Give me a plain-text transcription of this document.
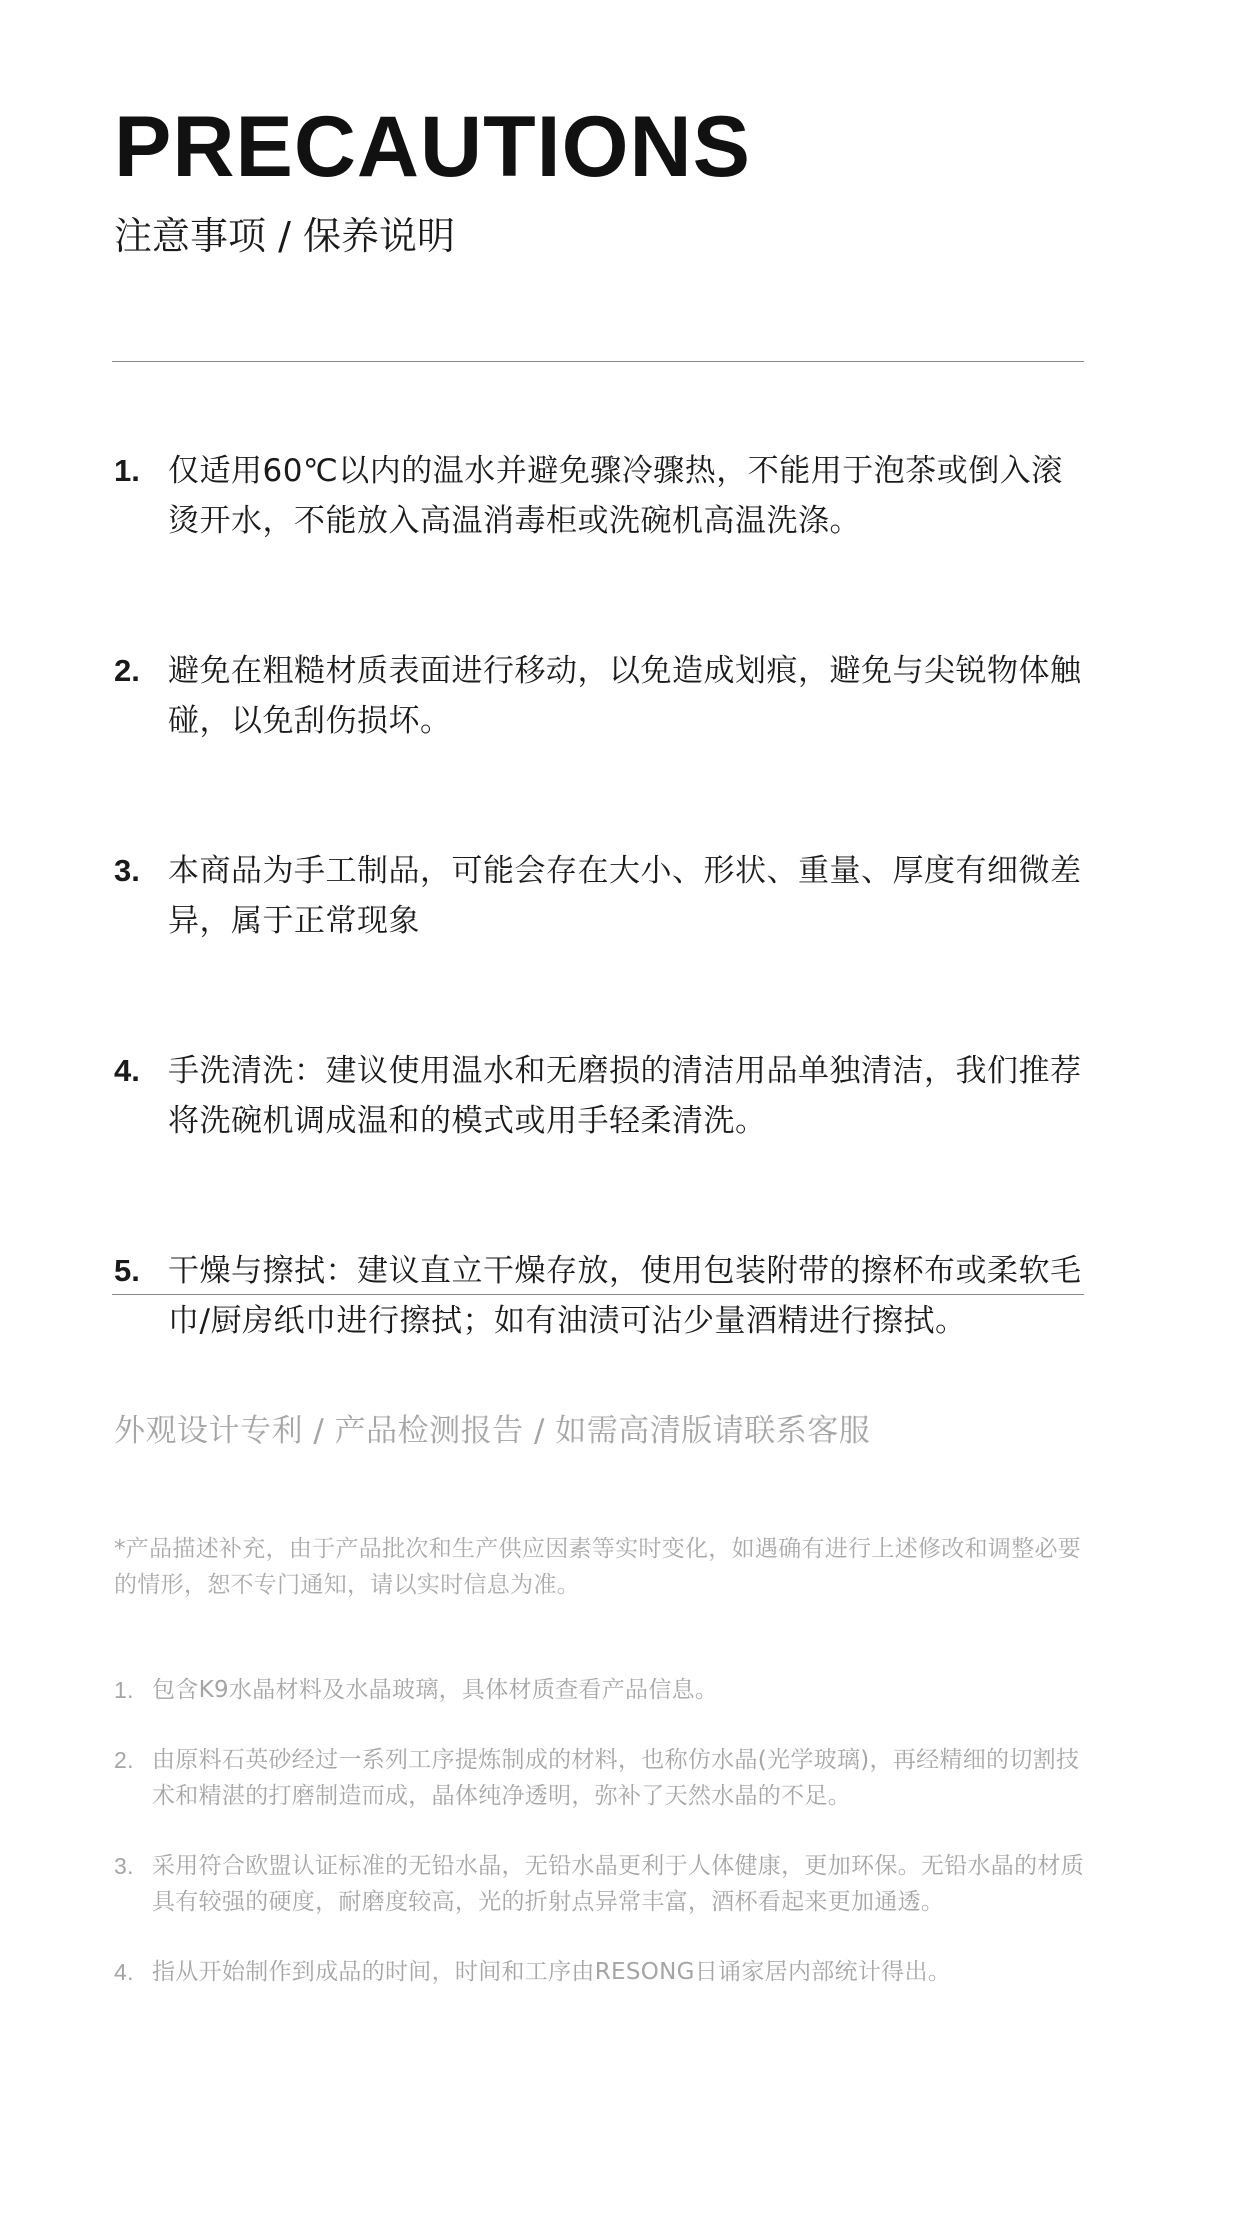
PRECAUTIONS
注意事项 / 保养说明
1. 仅适用60℃以内的温水并避免骤冷骤热，不能用于泡茶或倒入滚烫开水，不能放入高温消毒柜或洗碗机高温洗涤。
2. 避免在粗糙材质表面进行移动，以免造成划痕，避免与尖锐物体触碰，以免刮伤损坏。
3. 本商品为手工制品，可能会存在大小、形状、重量、厚度有细微差异，属于正常现象
4. 手洗清洗：建议使用温水和无磨损的清洁用品单独清洁，我们推荐将洗碗机调成温和的模式或用手轻柔清洗。
5. 干燥与擦拭：建议直立干燥存放，使用包装附带的擦杯布或柔软毛巾/厨房纸巾进行擦拭；如有油渍可沾少量酒精进行擦拭。

外观设计专利 / 产品检测报告 / 如需高清版请联系客服

*产品描述补充，由于产品批次和生产供应因素等实时变化，如遇确有进行上述修改和调整必要的情形，恕不专门通知，请以实时信息为准。

1. 包含K9水晶材料及水晶玻璃，具体材质查看产品信息。
2. 由原料石英砂经过一系列工序提炼制成的材料，也称仿水晶(光学玻璃)，再经精细的切割技术和精湛的打磨制造而成，晶体纯净透明，弥补了天然水晶的不足。
3. 采用符合欧盟认证标准的无铅水晶，无铅水晶更利于人体健康，更加环保。无铅水晶的材质具有较强的硬度，耐磨度较高，光的折射点异常丰富，酒杯看起来更加通透。
4. 指从开始制作到成品的时间，时间和工序由RESONG日诵家居内部统计得出。
